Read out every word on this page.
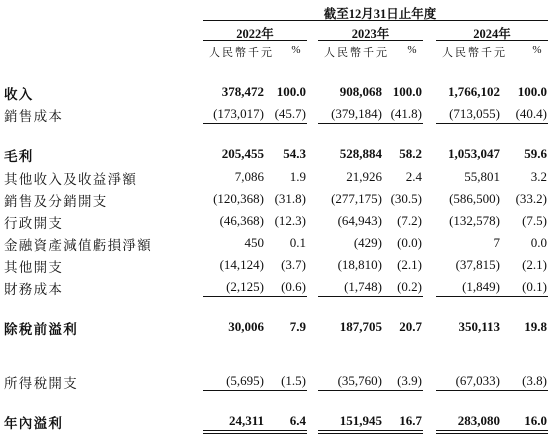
截至12月31日止年度
2022年
人民幣千元	%
2023年
人民幣千元	%
2024年
人民幣千元	%
收入	378,472 100.0	908,068 100.0	1,766,102	100.0
銷售成本	(173,017) (45.7)	(379,184) (41.8)	(713,055)	(40.4)
毛利	205,455	54.3	528,884	58.2	1,053,047	59.6
其他收入及收益淨額	7,086	1.9	21,926	2.4	55,801	3.2
銷售及分銷開支	(120,368) (31.8)	(277,175) (30.5)	(586,500)	(33.2)
行政開支	(46,368) (12.3)	(64,943)	(7.2)	(132,578)	(7.5)
金融資產減值虧損淨額	450	0.1	(429)	(0.0)	7	0.0
其他開支	(14,124)	(3.7)	(18,810)	(2.1)	(37,815)	(2.1)
財務成本	(2,125)	(0.6)	(1,748)	(0.2)	(1,849)	(0.1)
除稅前溢利	30,006	7.9	187,705	20.7	350,113	19.8
所得稅開支	(5,695)	(1.5)	(35,760)	(3.9)	(67,033)	(3.8)
年內溢利	24,311	6.4	151,945	16.7	283,080	16.0
